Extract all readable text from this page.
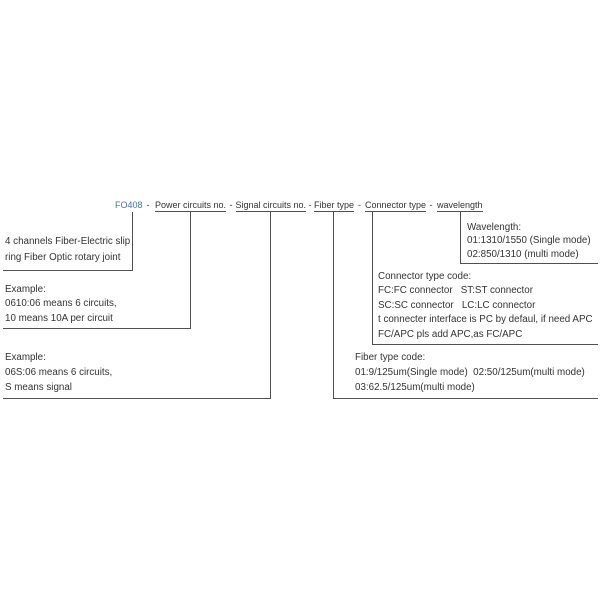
FO408 - Power circuits no. - Signal circuits no. - Fiber type - Connector type - wavelength
4 channels Fiber-Electric slip
ring Fiber Optic rotary joint
Example:
0610:06 means 6 circuits,
10 means 10A per circuit
Example:
06S:06 means 6 circuits,
S means signal
Wavelength:
01:1310/1550 (Single mode)
02:850/1310 (multi mode)
Connector type code:
FC:FC connector   ST:ST connector
SC:SC connector   LC:LC connector
t connecter interface is PC by defaul, if need APC
FC/APC pls add APC,as FC/APC
Fiber type code:
01:9/125um(Single mode)  02:50/125um(multi mode)
03:62.5/125um(multi mode)
